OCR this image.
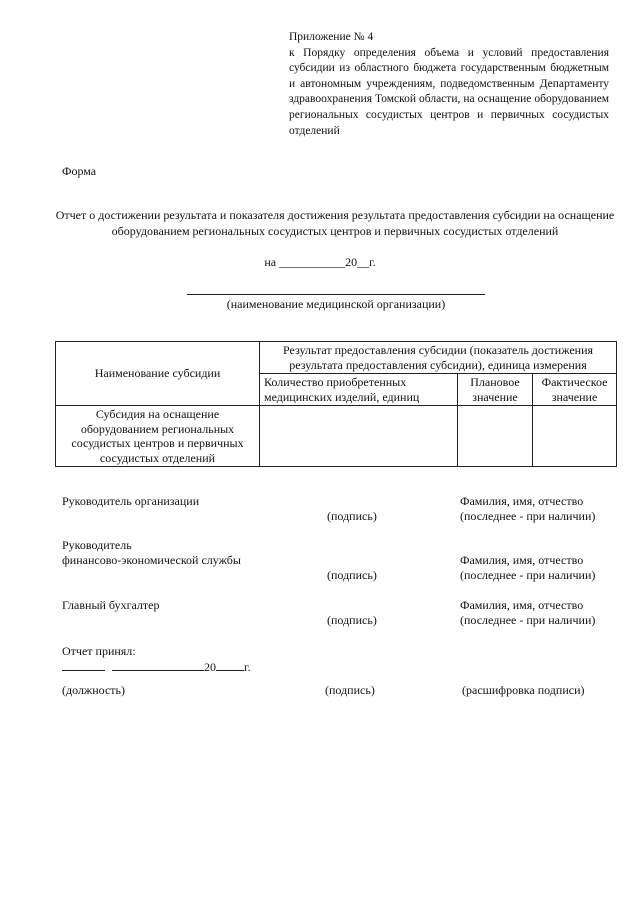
Приложение № 4
к Порядку определения объема и условий предоставления субсидии из областного бюджета государственным бюджетным и автономным учреждениям, подведомственным Департаменту здравоохранения Томской области, на оснащение оборудованием региональных сосудистых центров и первичных сосудистых отделений
Форма
Отчет о достижении результата и показателя достижения результата предоставления субсидии на оснащение оборудованием региональных сосудистых центров и первичных сосудистых отделений
на ___________20__г.
(наименование медицинской организации)
Наименование субсидии	Результат предоставления субсидии (показатель достижения результата предоставления субсидии), единица измерения		
	Количество приобретенных медицинских изделий, единиц	Плановое значение	Фактическое значение
Субсидия на оснащение оборудованием региональных сосудистых центров и первичных сосудистых отделений			
Руководитель организации
(подпись)
Фамилия, имя, отчество
(последнее - при наличии)
Руководитель
финансово-экономической службы
(подпись)
Фамилия, имя, отчество
(последнее - при наличии)
Главный бухгалтер
(подпись)
Фамилия, имя, отчество
(последнее - при наличии)
Отчет принял:
20 г.
(должность)	(подпись)	(расшифровка подписи)
